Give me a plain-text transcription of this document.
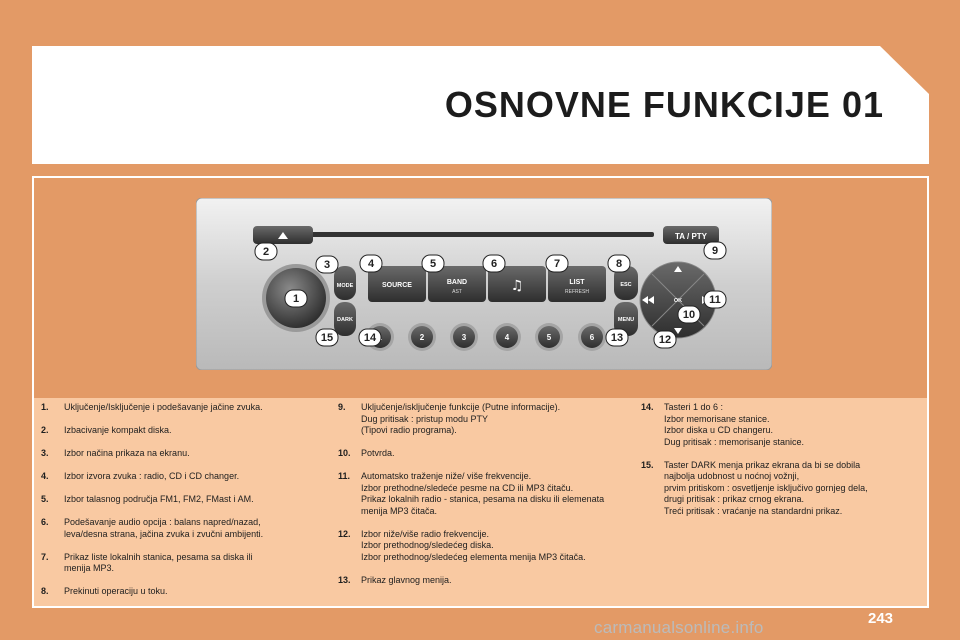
OSNOVNE FUNKCIJE 01
TA / PTY
MODE
DARK
SOURCE	BAND
AST	♫	LIST
REFRESH
ESC
MENU
OK
2	3	4	5	6
1
2
3	4	5	6	7	8
9
10
11
12
13
14
15
1.	Uključenje/Isključenje i podešavanje jačine zvuka.
2.	Izbacivanje kompakt diska.
3.	Izbor načina prikaza na ekranu.
4.	Izbor izvora zvuka : radio, CD i CD changer.
5.	Izbor talasnog područja FM1, FM2, FMast i AM.
6.	Podešavanje audio opcija : balans napred/nazad,
leva/desna strana, jačina zvuka i zvučni ambijenti.
7.	Prikaz liste lokalnih stanica, pesama sa diska ili
menija MP3.
8.	Prekinuti operaciju u toku.
9.	Uključenje/isključenje funkcije (Putne informacije).
Dug pritisak : pristup modu PTY
(Tipovi radio programa).
10.	Potvrda.
11.	Automatsko traženje niže/ više frekvencije.
Izbor prethodne/sledeće pesme na CD ili MP3 čitaču.
Prikaz lokalnih radio - stanica, pesama na disku ili elemenata
menija MP3 čitača.
12.	Izbor niže/više radio frekvencije.
Izbor prethodnog/sledećeg diska.
Izbor prethodnog/sledećeg elementa menija MP3 čitača.
13.	Prikaz glavnog menija.
14.	Tasteri 1 do 6 :
Izbor memorisane stanice.
Izbor diska u CD changeru.
Dug pritisak : memorisanje stanice.
15.	Taster DARK menja prikaz ekrana da bi se dobila
najbolja udobnost u noćnoj vožnji,
prvim pritiskom : osvetljenje isključivo gornjeg dela,
drugi pritisak : prikaz crnog ekrana.
Treći pritisak : vraćanje na standardni prikaz.
243
carmanualsonline.info
